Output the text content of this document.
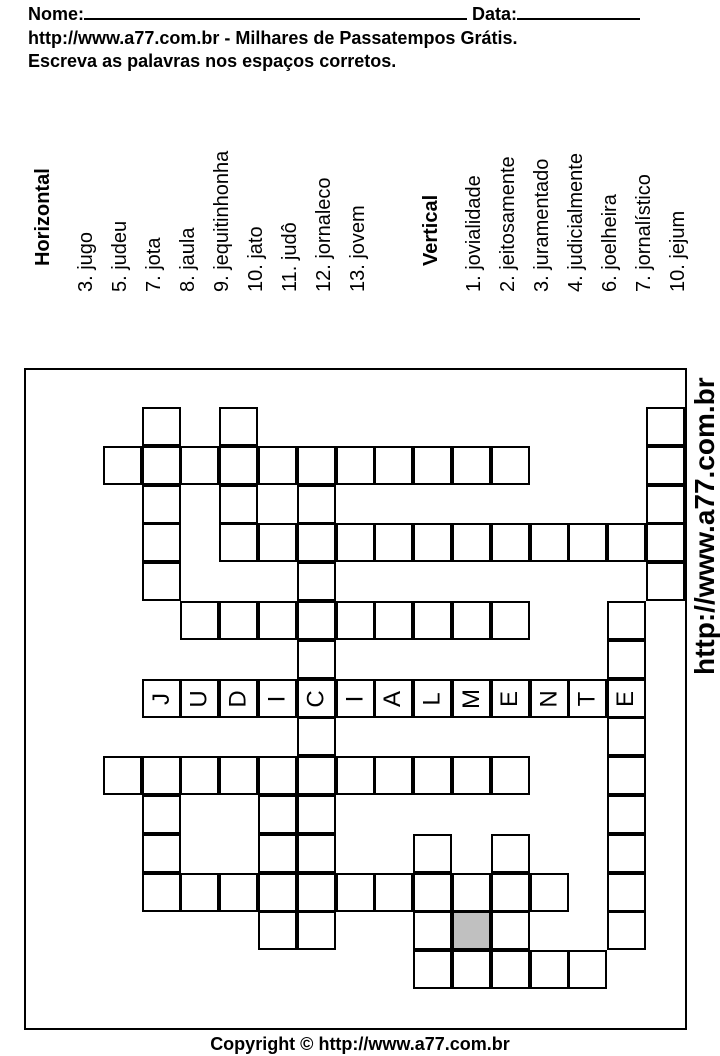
Nome:	Data:
http://www.a77.com.br - Milhares de Passatempos Grátis.
Escreva as palavras nos espaços corretos.
Horizontal 3. jugo 5. judeu 7. jota 8. jaula 9. jequitinhonha 10. jato 11. judô 12. jornaleco 13. jovem	Vertical 1. jovialidade 2. jeitosamente 3. juramentado 4. judicialmente 6. joelheira 7. jornalístico 10. jejum
J U D I C I A L M E N T E
http://www.a77.com.br
Copyright © http://www.a77.com.br
